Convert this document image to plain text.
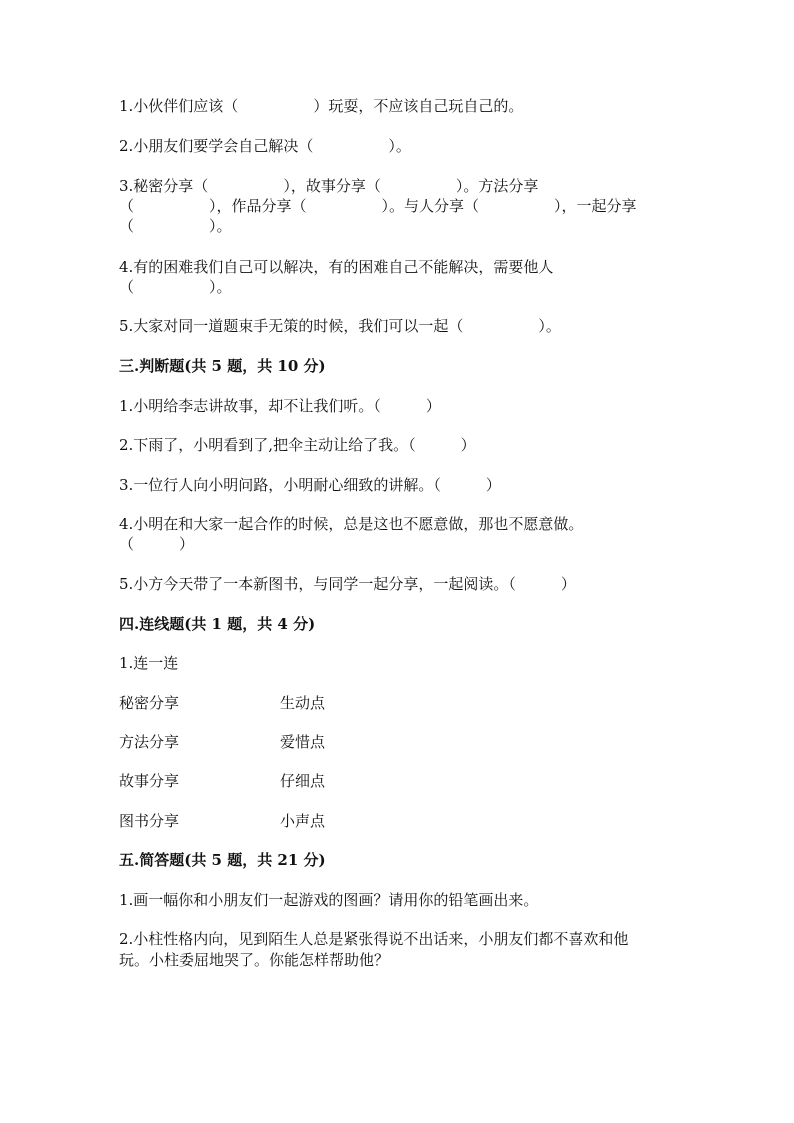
1.小伙伴们应该（　　　　　）玩耍，不应该自己玩自己的。
2.小朋友们要学会自己解决（　　　　　）。
3.秘密分享（　　　　　），故事分享（　　　　　）。方法分享
（　　　　　），作品分享（　　　　　）。与人分享（　　　　　），一起分享
（　　　　　）。
4.有的困难我们自己可以解决，有的困难自己不能解决，需要他人
（　　　　　）。
5.大家对同一道题束手无策的时候，我们可以一起（　　　　　）。
三.判断题(共 5 题，共 10 分)
1.小明给李志讲故事，却不让我们听。（　　　）
2.下雨了，小明看到了,把伞主动让给了我。（　　　）
3.一位行人向小明问路，小明耐心细致的讲解。（　　　）
4.小明在和大家一起合作的时候，总是这也不愿意做，那也不愿意做。
（　　　）
5.小方今天带了一本新图书，与同学一起分享，一起阅读。（　　　）
四.连线题(共 1 题，共 4 分)
1.连一连
秘密分享	生动点
方法分享	爱惜点
故事分享	仔细点
图书分享	小声点
五.简答题(共 5 题，共 21 分)
1.画一幅你和小朋友们一起游戏的图画？请用你的铅笔画出来。
2.小柱性格内向，见到陌生人总是紧张得说不出话来，小朋友们都不喜欢和他
玩。小柱委屈地哭了。你能怎样帮助他？
